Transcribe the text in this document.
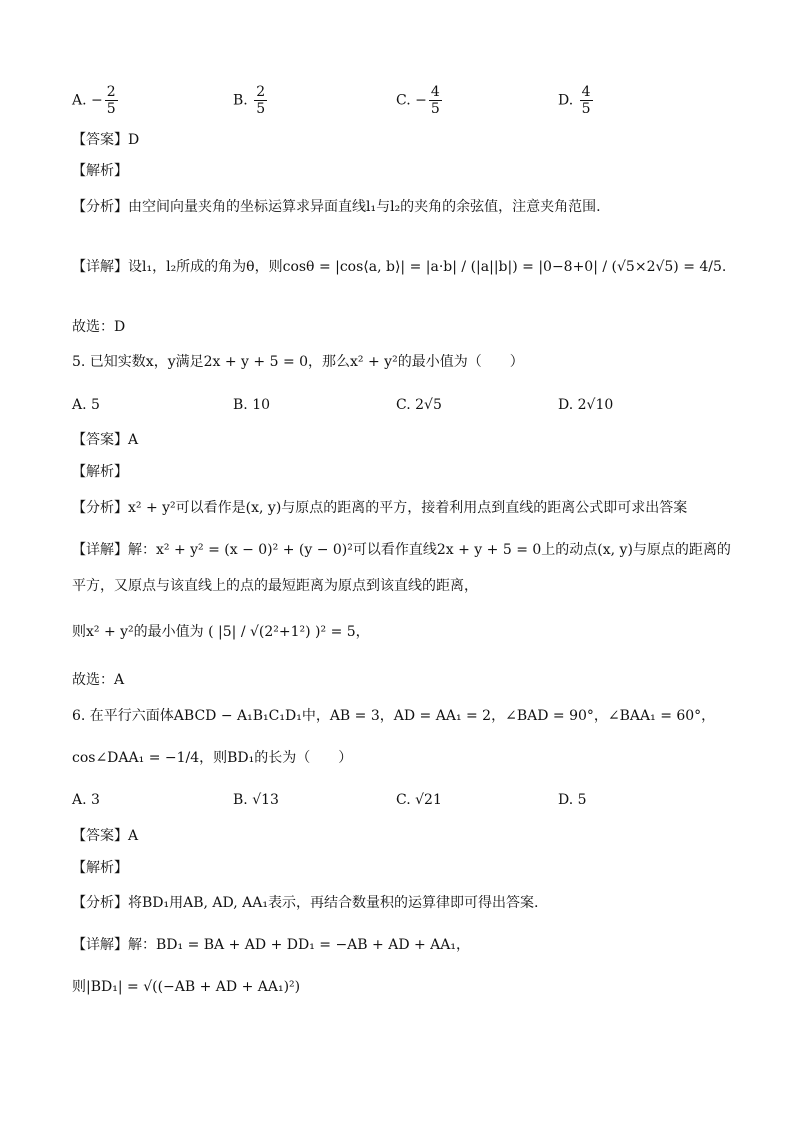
A. − $\frac{2}{5}$	B. $\frac{2}{5}$	C. − $\frac{4}{5}$	D. $\frac{4}{5}$
【答案】D
【解析】
【分析】由空间向量夹角的坐标运算求异面直线l₁与l₂的夹角的余弦值，注意夹角范围.
【详解】设l₁，l₂所成的角为θ，则cosθ = |cos⟨a, b⟩| = |a·b| / (|a||b|) = |0−8+0| / (√5×2√5) = 4/5.
故选：D
5. 已知实数x，y满足2x + y + 5 = 0，那么x² + y²的最小值为（　　）
A. 5	B. 10	C. 2√5	D. 2√10
【答案】A
【解析】
【分析】x² + y²可以看作是(x, y)与原点的距离的平方，接着利用点到直线的距离公式即可求出答案
【详解】解：x² + y² = (x − 0)² + (y − 0)²可以看作直线2x + y + 5 = 0上的动点(x, y)与原点的距离的
平方，又原点与该直线上的点的最短距离为原点到该直线的距离，
则x² + y²的最小值为 ( |5| / √(2²+1²) )² = 5，
故选：A
6. 在平行六面体ABCD − A₁B₁C₁D₁中，AB = 3，AD = AA₁ = 2，∠BAD = 90°，∠BAA₁ = 60°，
cos∠DAA₁ = −1/4，则BD₁的长为（　　）
A. 3	B. √13	C. √21	D. 5
【答案】A
【解析】
【分析】将BD₁用AB, AD, AA₁表示，再结合数量积的运算律即可得出答案.
【详解】解：BD₁ = BA + AD + DD₁ = −AB + AD + AA₁，
则|BD₁| = √((−AB + AD + AA₁)²)
